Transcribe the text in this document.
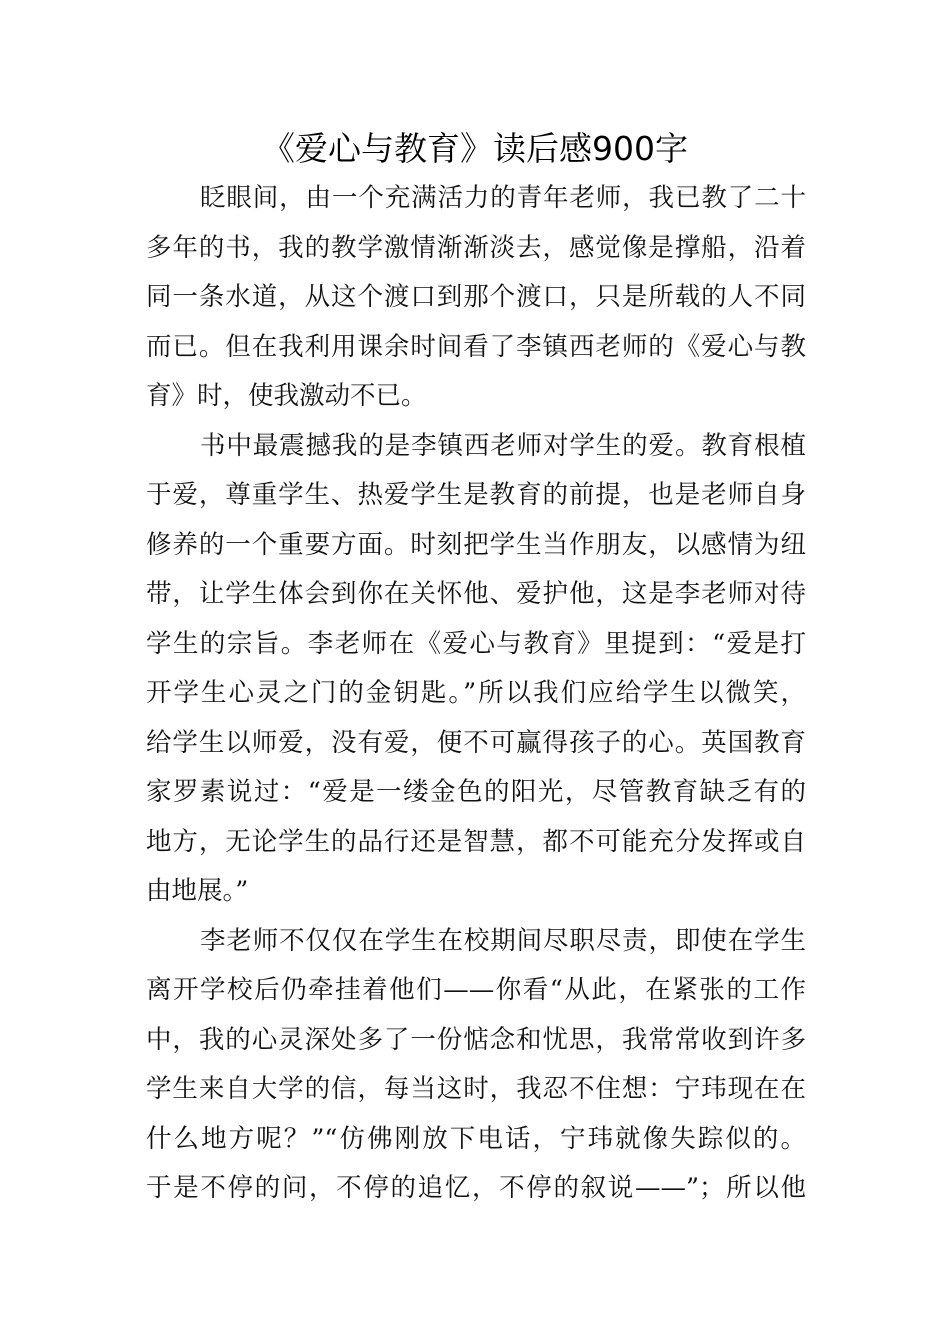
《爱心与教育》读后感900字
眨眼间，由一个充满活力的青年老师，我已教了二十
多年的书，我的教学激情渐渐淡去，感觉像是撑船，沿着
同一条水道，从这个渡口到那个渡口，只是所载的人不同
而已。但在我利用课余时间看了李镇西老师的《爱心与教
育》时，使我激动不已。
书中最震撼我的是李镇西老师对学生的爱。教育根植
于爱，尊重学生、热爱学生是教育的前提，也是老师自身
修养的一个重要方面。时刻把学生当作朋友，以感情为纽
带，让学生体会到你在关怀他、爱护他，这是李老师对待
学生的宗旨。李老师在《爱心与教育》里提到：“爱是打
开学生心灵之门的金钥匙。”所以我们应给学生以微笑，
给学生以师爱，没有爱，便不可赢得孩子的心。英国教育
家罗素说过：“爱是一缕金色的阳光，尽管教育缺乏有的
地方，无论学生的品行还是智慧，都不可能充分发挥或自
由地展。”
李老师不仅仅在学生在校期间尽职尽责，即使在学生
离开学校后仍牵挂着他们——你看“从此，在紧张的工作
中，我的心灵深处多了一份惦念和忧思，我常常收到许多
学生来自大学的信，每当这时，我忍不住想：宁玮现在在
什么地方呢？”“仿佛刚放下电话，宁玮就像失踪似的。
于是不停的问，不停的追忆，不停的叙说——”；所以他
